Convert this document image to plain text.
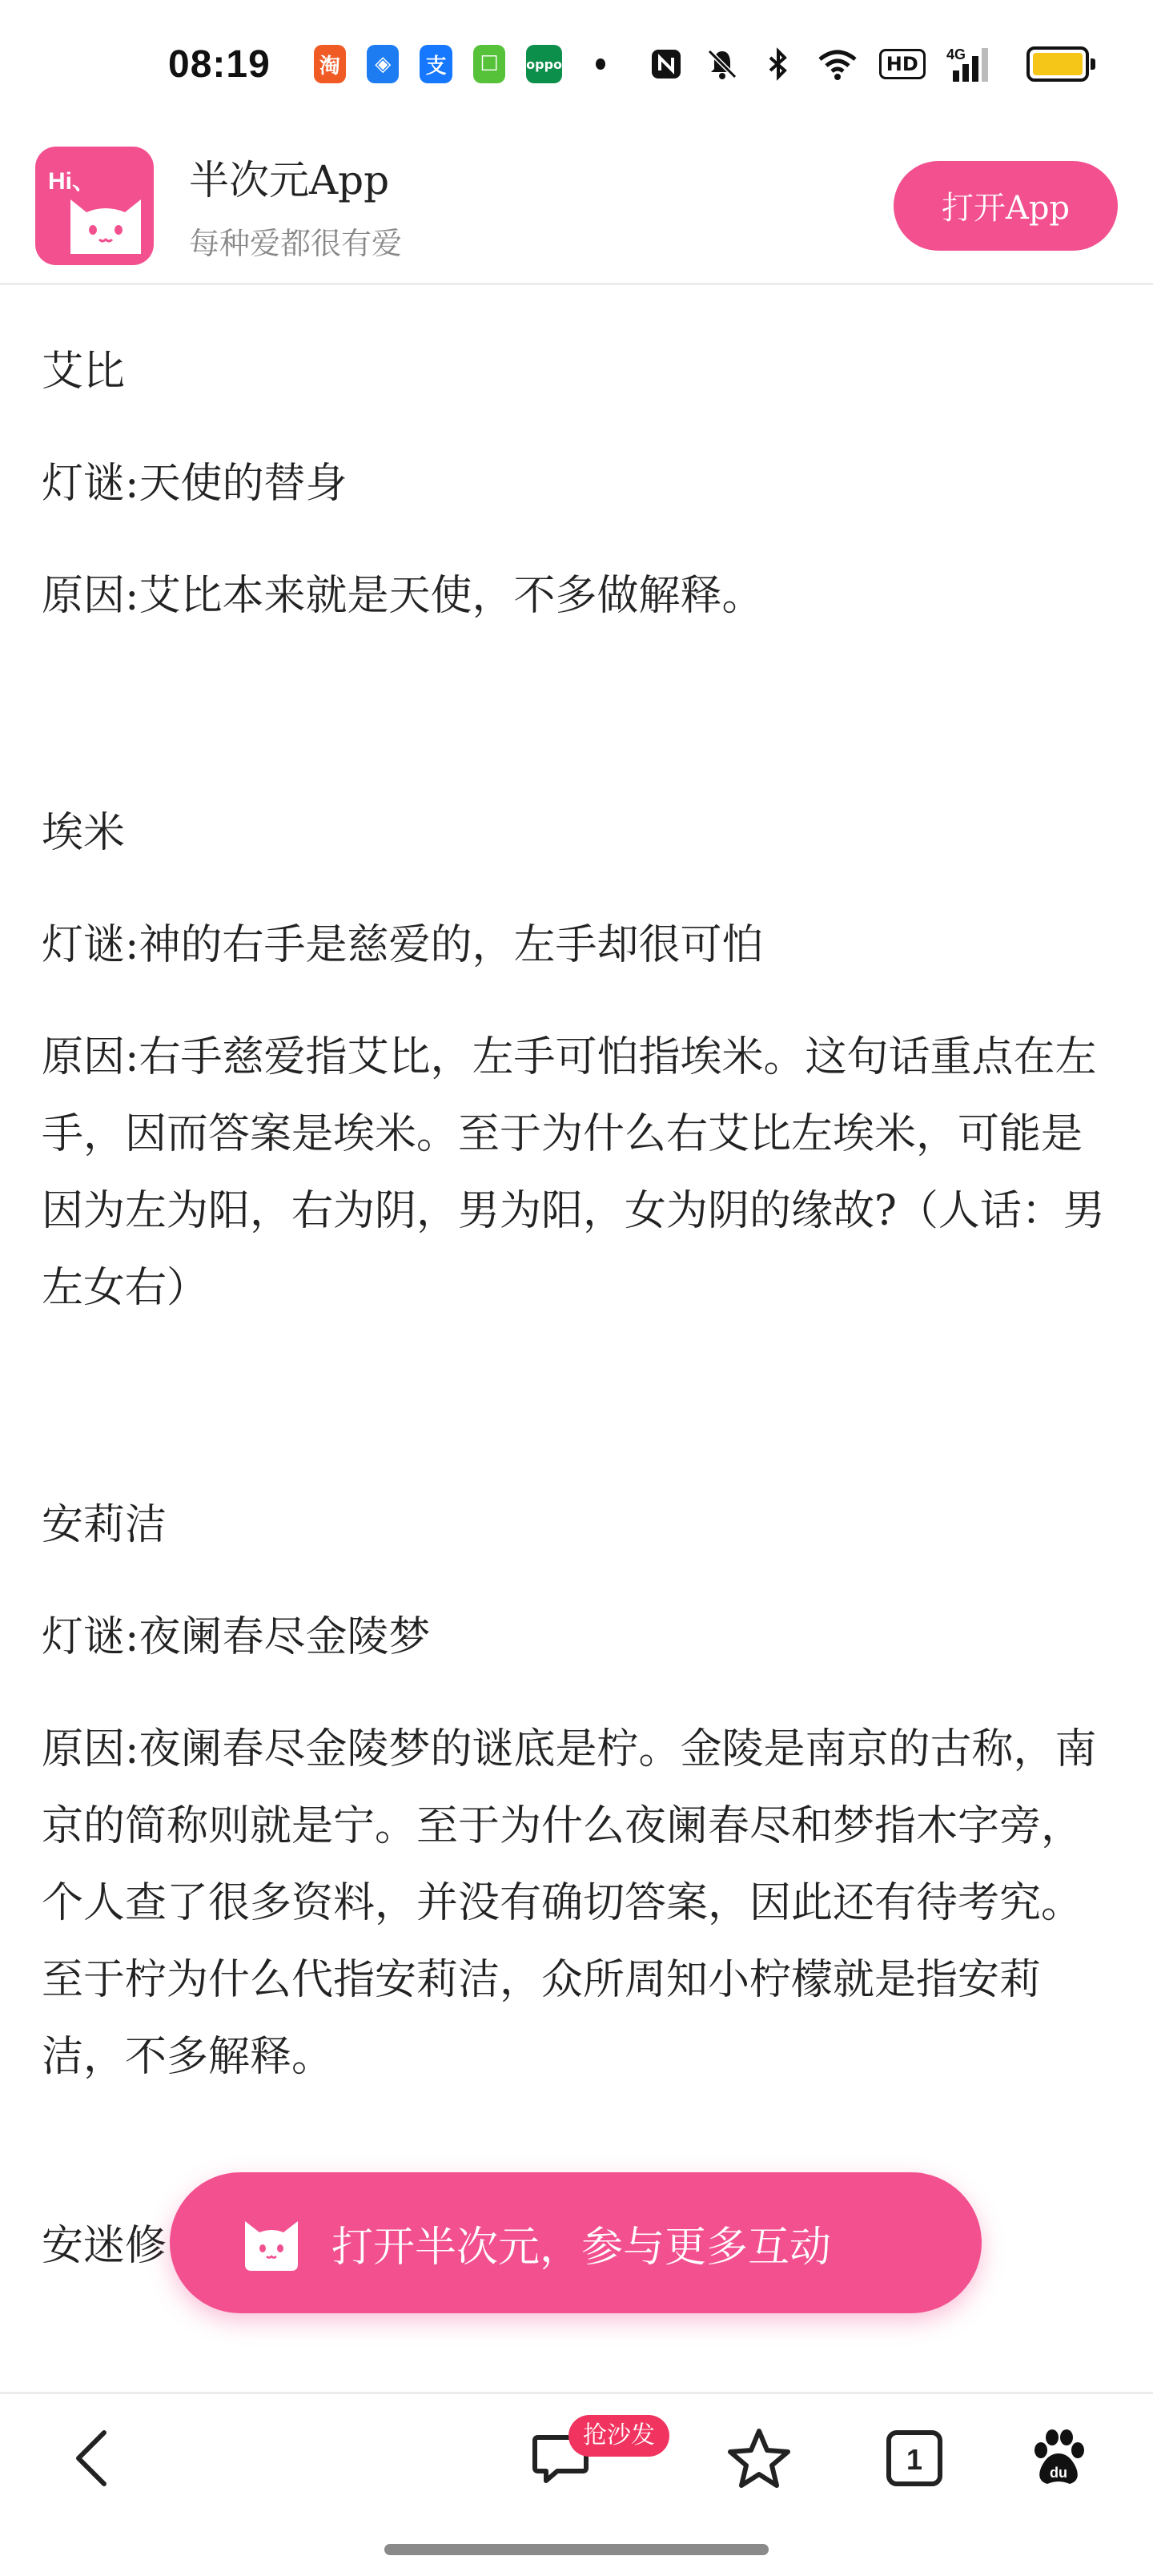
08:19 淘	◈	支	☐	oppo	HD	4G
Hi、 半次元App
每种爱都很有爱
打开App

艾比

灯谜:天使的替身

原因:艾比本来就是天使，不多做解释。

埃米

灯谜:神的右手是慈爱的，左手却很可怕

原因:右手慈爱指艾比，左手可怕指埃米。这句话重点在左手，因而答案是埃米。至于为什么右艾比左埃米，可能是因为左为阳，右为阴，男为阳，女为阴的缘故?（人话：男左女右）

安莉洁

灯谜:夜阑春尽金陵梦

原因:夜阑春尽金陵梦的谜底是柠。金陵是南京的古称，南京的简称则就是宁。至于为什么夜阑春尽和梦指木字旁，个人查了很多资料，并没有确切答案，因此还有待考究。至于柠为什么代指安莉洁，众所周知小柠檬就是指安莉洁，不多解释。

安迷修	打开半次元，参与更多互动
抢沙发
1	du
